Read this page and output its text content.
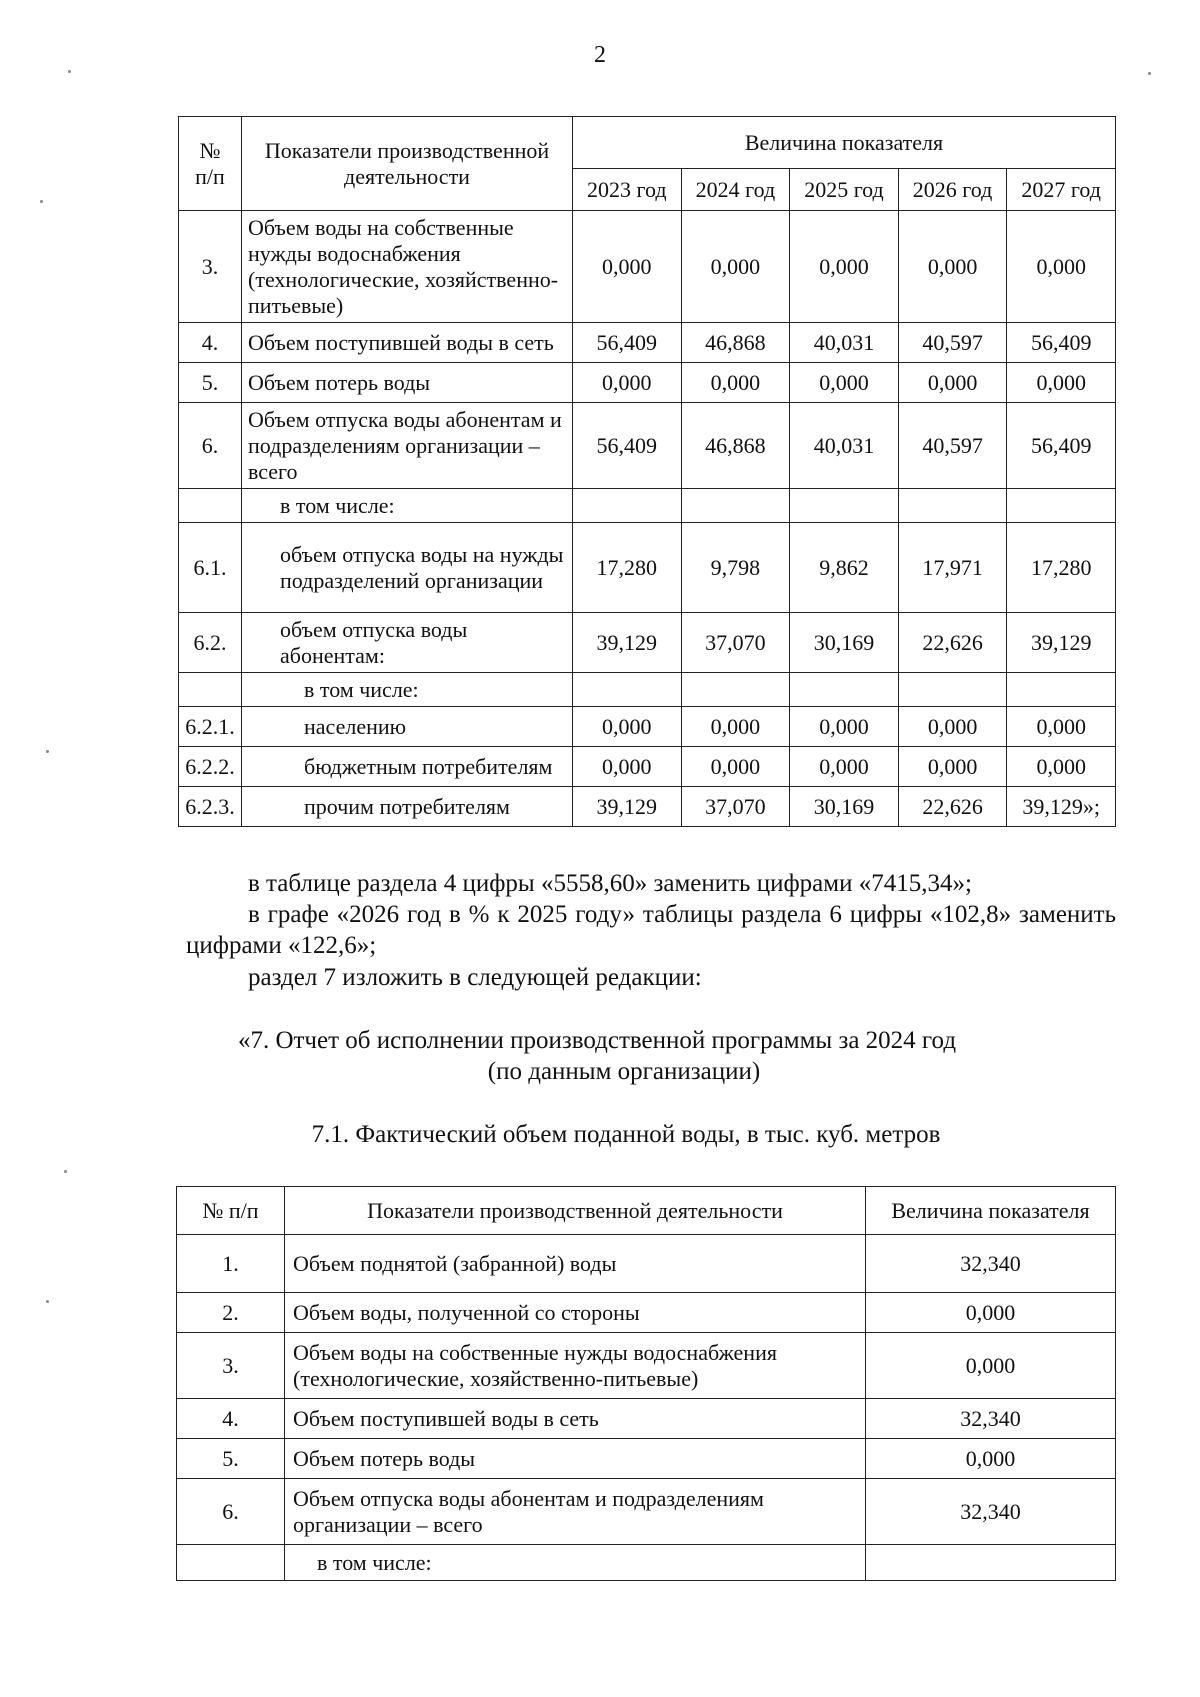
2
№
п/п	Показатели производственной деятельности	Величина показателя				
		2023 год	2024 год	2025 год	2026 год	2027 год
3.	Объем воды на собственные нужды водоснабжения (технологические, хозяйственно-питьевые)	0,000	0,000	0,000	0,000	0,000
4.	Объем поступившей воды в сеть	56,409	46,868	40,031	40,597	56,409
5.	Объем потерь воды	0,000	0,000	0,000	0,000	0,000
6.	Объем отпуска воды абонентам и подразделениям организации – всего	56,409	46,868	40,031	40,597	56,409
	в том числе:					
6.1.	объем отпуска воды на нужды подразделений организации	17,280	9,798	9,862	17,971	17,280
6.2.	объем отпуска воды абонентам:	39,129	37,070	30,169	22,626	39,129
	в том числе:					
6.2.1.	населению	0,000	0,000	0,000	0,000	0,000
6.2.2.	бюджетным потребителям	0,000	0,000	0,000	0,000	0,000
6.2.3.	прочим потребителям	39,129	37,070	30,169	22,626	39,129»;
в таблице раздела 4 цифры «5558,60» заменить цифрами «7415,34»;
в графе «2026 год в % к 2025 году» таблицы раздела 6 цифры «102,8» заменить цифрами «122,6»;
раздел 7 изложить в следующей редакции:
«7. Отчет об исполнении производственной программы за 2024 год
(по данным организации)
7.1. Фактический объем поданной воды, в тыс. куб. метров
№ п/п	Показатели производственной деятельности	Величина показателя
1.	Объем поднятой (забранной) воды	32,340
2.	Объем воды, полученной со стороны	0,000
3.	Объем воды на собственные нужды водоснабжения (технологические, хозяйственно-питьевые)	0,000
4.	Объем поступившей воды в сеть	32,340
5.	Объем потерь воды	0,000
6.	Объем отпуска воды абонентам и подразделениям организации – всего	32,340
	в том числе:	
